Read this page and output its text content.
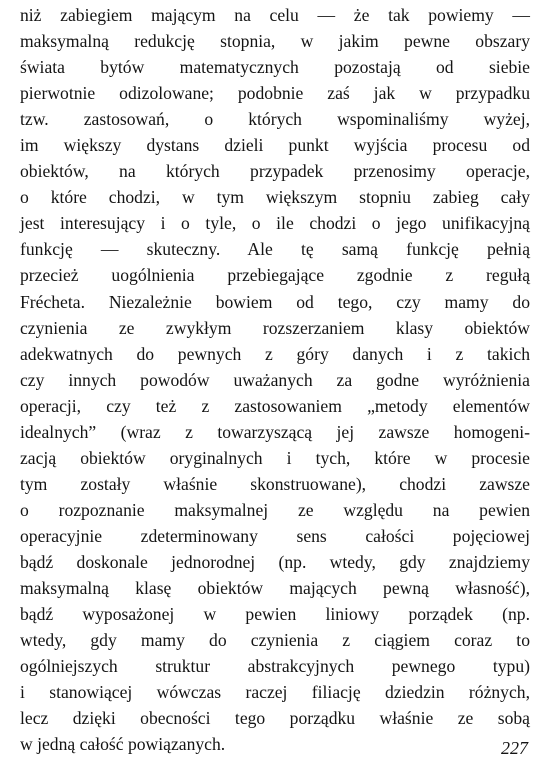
niż zabiegiem mającym na celu — że tak powiemy —
maksymalną redukcję stopnia, w jakim pewne obszary
świata bytów matematycznych pozostają od siebie
pierwotnie odizolowane; podobnie zaś jak w przypadku
tzw. zastosowań, o których wspominaliśmy wyżej,
im większy dystans dzieli punkt wyjścia procesu od
obiektów, na których przypadek przenosimy operacje,
o które chodzi, w tym większym stopniu zabieg cały
jest interesujący i o tyle, o ile chodzi o jego unifikacyjną
funkcję — skuteczny. Ale tę samą funkcję pełnią
przecież uogólnienia przebiegające zgodnie z regułą
Frécheta. Niezależnie bowiem od tego, czy mamy do
czynienia ze zwykłym rozszerzaniem klasy obiektów
adekwatnych do pewnych z góry danych i z takich
czy innych powodów uważanych za godne wyróżnienia
operacji, czy też z zastosowaniem „metody elementów
idealnych” (wraz z towarzyszącą jej zawsze homogeni-
zacją obiektów oryginalnych i tych, które w procesie
tym zostały właśnie skonstruowane), chodzi zawsze
o rozpoznanie maksymalnej ze względu na pewien
operacyjnie zdeterminowany sens całości pojęciowej
bądź doskonale jednorodnej (np. wtedy, gdy znajdziemy
maksymalną klasę obiektów mających pewną własność),
bądź wyposażonej w pewien liniowy porządek (np.
wtedy, gdy mamy do czynienia z ciągiem coraz to
ogólniejszych struktur abstrakcyjnych pewnego typu)
i stanowiącej wówczas raczej filiację dziedzin różnych,
lecz dzięki obecności tego porządku właśnie ze sobą
w jedną całość powiązanych.	227
